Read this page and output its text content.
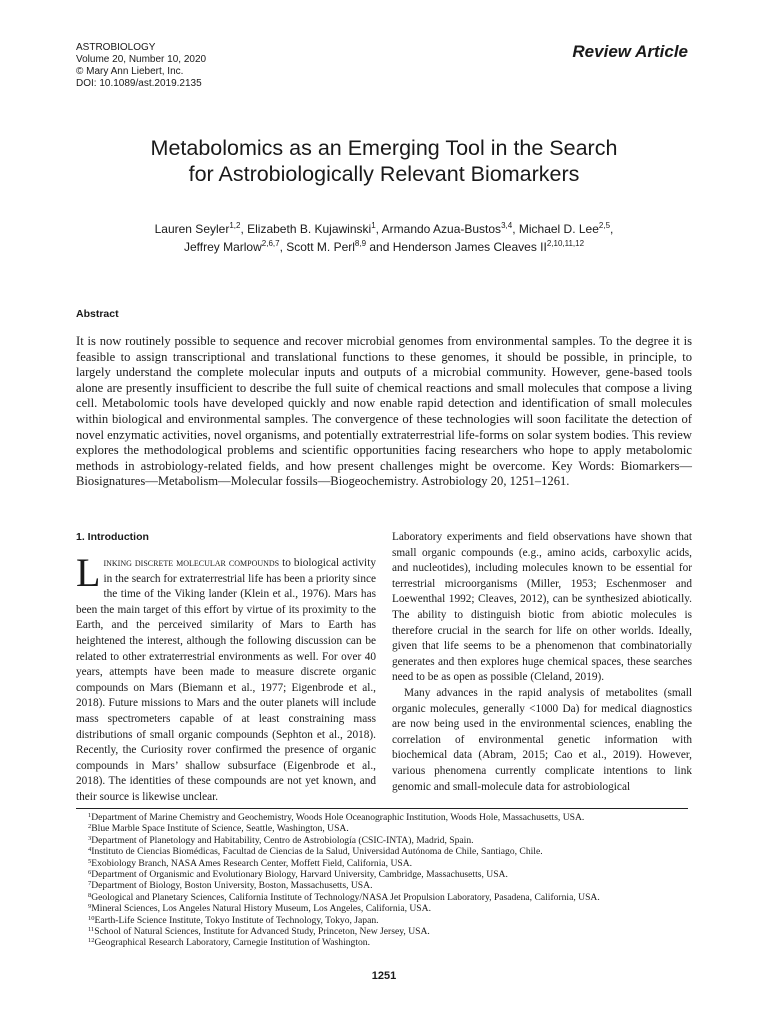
ASTROBIOLOGY
Volume 20, Number 10, 2020
© Mary Ann Liebert, Inc.
DOI: 10.1089/ast.2019.2135
Review Article
Metabolomics as an Emerging Tool in the Search
for Astrobiologically Relevant Biomarkers
Lauren Seyler$^{1,2}$, Elizabeth B. Kujawinski$^1$, Armando Azua-Bustos$^{3,4}$, Michael D. Lee$^{2,5}$,
Jeffrey Marlow$^{2,6,7}$, Scott M. Perl$^{8,9}$ and Henderson James Cleaves II$^{2,10,11,12}$
Abstract

It is now routinely possible to sequence and recover microbial genomes from environmental samples. To the degree it is feasible to assign transcriptional and translational functions to these genomes, it should be possible, in principle, to largely understand the complete molecular inputs and outputs of a microbial community. However, gene-based tools alone are presently insufficient to describe the full suite of chemical reactions and small molecules that compose a living cell. Metabolomic tools have developed quickly and now enable rapid detection and identification of small molecules within biological and environmental samples. The convergence of these technologies will soon facilitate the detection of novel enzymatic activities, novel organisms, and potentially extraterrestrial life-forms on solar system bodies. This review explores the methodological problems and scientific opportunities facing researchers who hope to apply metabolomic methods in astrobiology-related fields, and how present challenges might be overcome. Key Words: Biomarkers—Biosignatures—Metabolism—Molecular fossils—Biogeochemistry. Astrobiology 20, 1251–1261.

1. Introduction

Linking discrete molecular compounds to biological activity in the search for extraterrestrial life has been a priority since the time of the Viking lander (Klein et al., 1976). Mars has been the main target of this effort by virtue of its proximity to the Earth, and the perceived similarity of Mars to Earth has heightened the interest, although the following discussion can be related to other extraterrestrial environments as well. For over 40 years, attempts have been made to measure discrete organic compounds on Mars (Biemann et al., 1977; Eigenbrode et al., 2018). Future missions to Mars and the outer planets will include mass spectrometers capable of at least constraining mass distributions of small organic compounds (Sephton et al., 2018). Recently, the Curiosity rover confirmed the presence of organic compounds in Mars’ shallow subsurface (Eigenbrode et al., 2018). The identities of these compounds are not yet known, and their source is likewise unclear.

Laboratory experiments and field observations have shown that small organic compounds (e.g., amino acids, carboxylic acids, and nucleotides), including molecules known to be essential for terrestrial microorganisms (Miller, 1953; Eschenmoser and Loewenthal 1992; Cleaves, 2012), can be synthesized abiotically. The ability to distinguish biotic from abiotic molecules is therefore crucial in the search for life on other worlds. Ideally, given that life seems to be a phenomenon that combinatorially generates and then explores huge chemical spaces, these searches need to be as open as possible (Cleland, 2019).

Many advances in the rapid analysis of metabolites (small organic molecules, generally <1000 Da) for medical diagnostics are now being used in the environmental sciences, enabling the correlation of environmental genetic information with biochemical data (Abram, 2015; Cao et al., 2019). However, various phenomena currently complicate intentions to link genomic and small-molecule data for astrobiological

$^1$Department of Marine Chemistry and Geochemistry, Woods Hole Oceanographic Institution, Woods Hole, Massachusetts, USA.
$^2$Blue Marble Space Institute of Science, Seattle, Washington, USA.
$^3$Department of Planetology and Habitability, Centro de Astrobiología (CSIC-INTA), Madrid, Spain.
$^4$Instituto de Ciencias Biomédicas, Facultad de Ciencias de la Salud, Universidad Autónoma de Chile, Santiago, Chile.
$^5$Exobiology Branch, NASA Ames Research Center, Moffett Field, California, USA.
$^6$Department of Organismic and Evolutionary Biology, Harvard University, Cambridge, Massachusetts, USA.
$^7$Department of Biology, Boston University, Boston, Massachusetts, USA.
$^8$Geological and Planetary Sciences, California Institute of Technology/NASA Jet Propulsion Laboratory, Pasadena, California, USA.
$^9$Mineral Sciences, Los Angeles Natural History Museum, Los Angeles, California, USA.
$^{10}$Earth-Life Science Institute, Tokyo Institute of Technology, Tokyo, Japan.
$^{11}$School of Natural Sciences, Institute for Advanced Study, Princeton, New Jersey, USA.
$^{12}$Geographical Research Laboratory, Carnegie Institution of Washington.
1251
